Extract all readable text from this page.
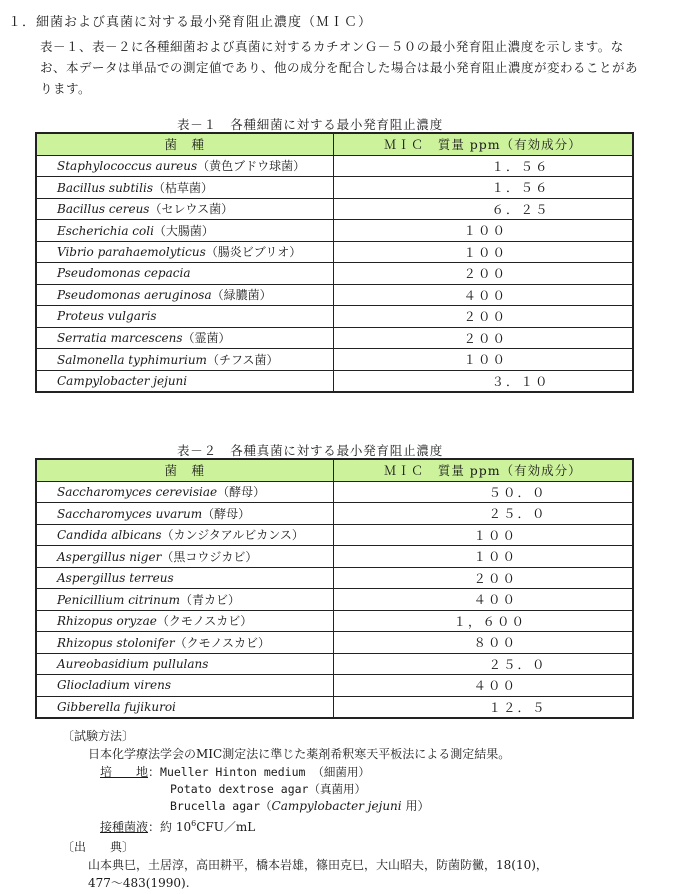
１．細菌および真菌に対する最小発育阻止濃度（ＭＩＣ）
表－１、表－２に各種細菌および真菌に対するカチオンＧ－５０の最小発育阻止濃度を示します。なお、本データは単品での測定値であり、他の成分を配合した場合は最小発育阻止濃度が変わることがあります。
表－１　各種細菌に対する最小発育阻止濃度
菌　種	ＭＩＣ　質量 ppm（有効成分）
Staphylococcus aureus（黄色ブドウ球菌）	１．５６
Bacillus subtilis（枯草菌）	１．５６
Bacillus cereus（セレウス菌）	６．２５
Escherichia coli（大腸菌）	１００
Vibrio parahaemolyticus（腸炎ビブリオ）	１００
Pseudomonas cepacia	２００
Pseudomonas aeruginosa（緑膿菌）	４００
Proteus vulgaris	２００
Serratia marcescens（霊菌）	２００
Salmonella typhimurium（チフス菌）	１００
Campylobacter jejuni	３．１０
表－２　各種真菌に対する最小発育阻止濃度
菌　種	ＭＩＣ　質量 ppm（有効成分）
Saccharomyces cerevisiae（酵母）	５０．０
Saccharomyces uvarum（酵母）	２５．０
Candida albicans（カンジタアルビカンス）	１００
Aspergillus niger（黒コウジカビ）	１００
Aspergillus terreus	２００
Penicillium citrinum（青カビ）	４００
Rhizopus oryzae（クモノスカビ）	１，６００
Rhizopus stolonifer（クモノスカビ）	８００
Aureobasidium pullulans	２５．０
Gliocladium virens	４００
Gibberella fujikuroi	１２．５
〔試験方法〕
日本化学療法学会のMIC測定法に準じた薬剤希釈寒天平板法による測定結果。
培　　地：Mueller Hinton medium （細菌用）
Potato dextrose agar（真菌用）
Brucella agar（Campylobacter jejuni 用）
接種菌液：約 $10^6CFU/mL$
〔出　　典〕
山本典巳，土居淳，高田耕平，橋本岩雄，篠田克巳，大山昭夫，防菌防黴，18(10)，
477～483(1990).
